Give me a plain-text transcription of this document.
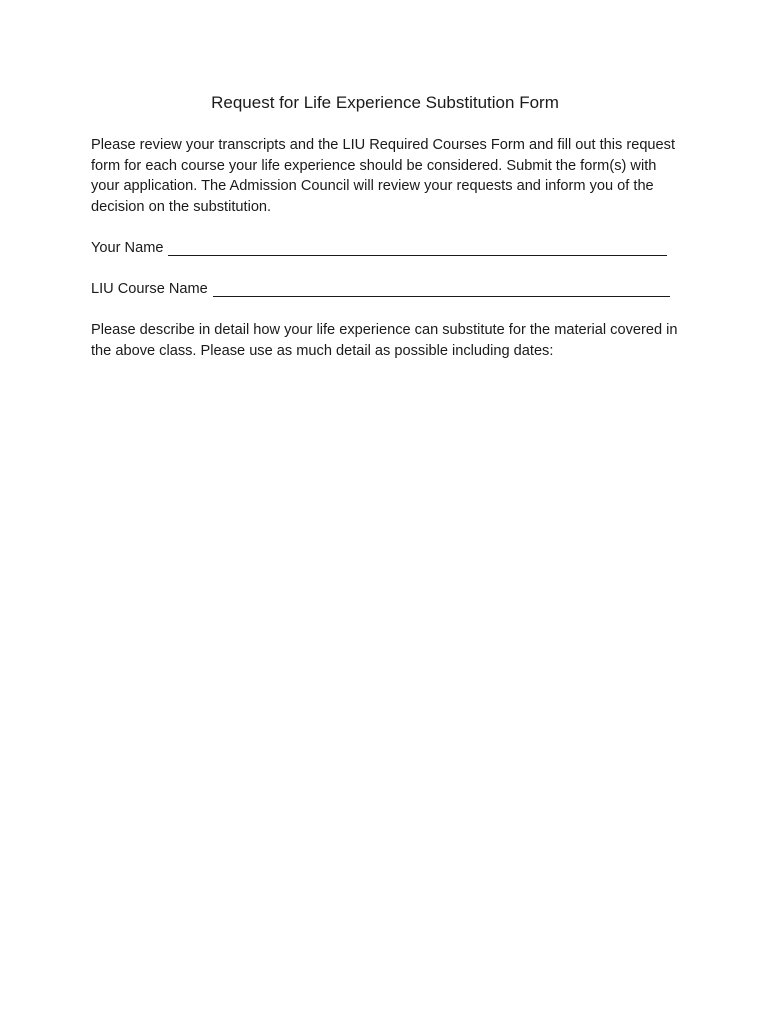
Request for Life Experience Substitution Form

Please review your transcripts and the LIU Required Courses Form and fill out this request form for each course your life experience should be considered. Submit the form(s) with your application. The Admission Council will review your requests and inform you of the decision on the substitution.

Your Name
LIU Course Name

Please describe in detail how your life experience can substitute for the material covered in the above class. Please use as much detail as possible including dates:
